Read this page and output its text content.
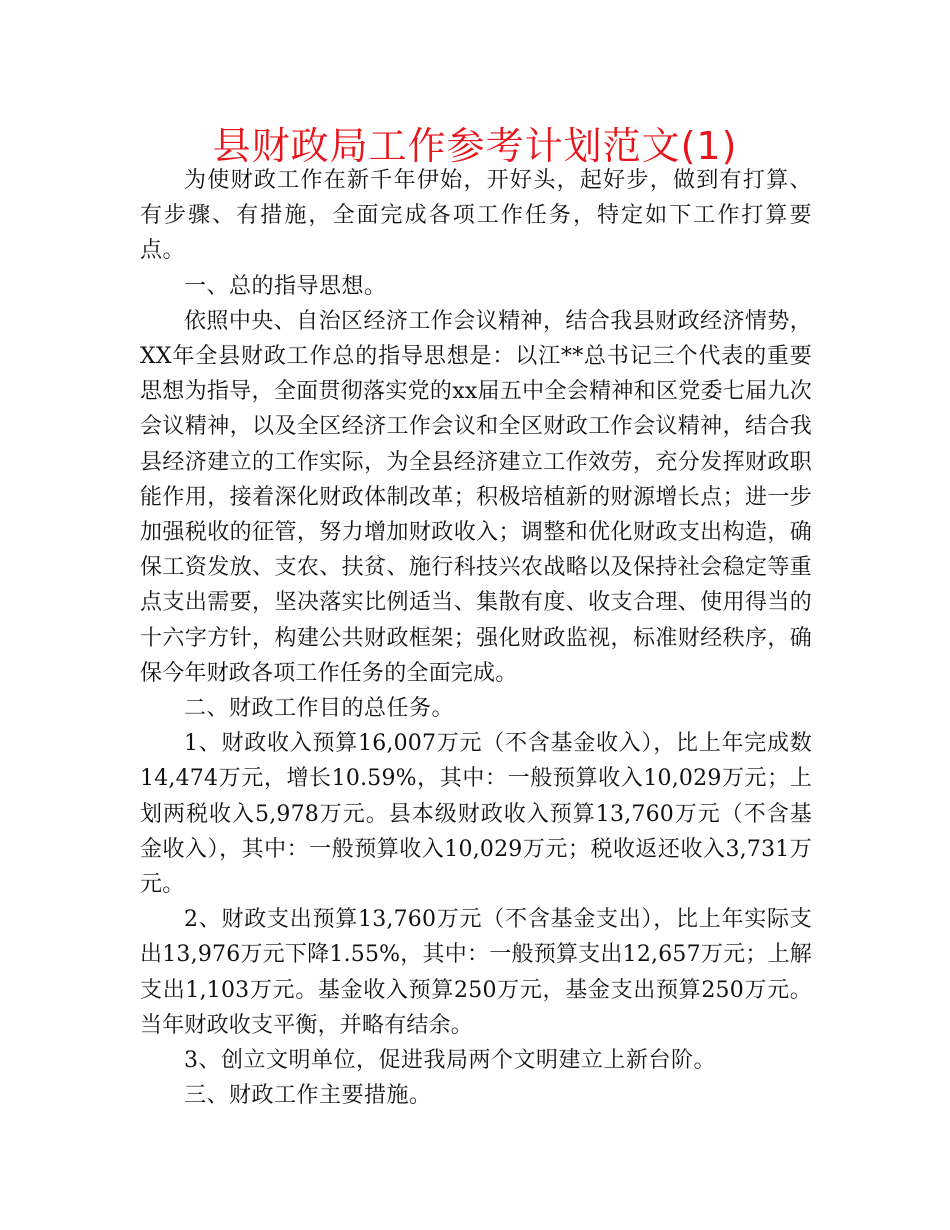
县财政局工作参考计划范文(1)

为使财政工作在新千年伊始，开好头，起好步，做到有打算、有步骤、有措施，全面完成各项工作任务，特定如下工作打算要点。

一、总的指导思想。

依照中央、自治区经济工作会议精神，结合我县财政经济情势，XX年全县财政工作总的指导思想是：以江**总书记三个代表的重要思想为指导，全面贯彻落实党的xx届五中全会精神和区党委七届九次会议精神，以及全区经济工作会议和全区财政工作会议精神，结合我县经济建立的工作实际，为全县经济建立工作效劳，充分发挥财政职能作用，接着深化财政体制改革；积极培植新的财源增长点；进一步加强税收的征管，努力增加财政收入；调整和优化财政支出构造，确保工资发放、支农、扶贫、施行科技兴农战略以及保持社会稳定等重点支出需要，坚决落实比例适当、集散有度、收支合理、使用得当的十六字方针，构建公共财政框架；强化财政监视，标准财经秩序，确保今年财政各项工作任务的全面完成。

二、财政工作目的总任务。

1、财政收入预算16,007万元（不含基金收入），比上年完成数14,474万元，增长10.59%，其中：一般预算收入10,029万元；上划两税收入5,978万元。县本级财政收入预算13,760万元（不含基金收入），其中：一般预算收入10,029万元；税收返还收入3,731万元。

2、财政支出预算13,760万元（不含基金支出），比上年实际支出13,976万元下降1.55%，其中：一般预算支出12,657万元；上解支出1,103万元。基金收入预算250万元，基金支出预算250万元。当年财政收支平衡，并略有结余。

3、创立文明单位，促进我局两个文明建立上新台阶。

三、财政工作主要措施。
